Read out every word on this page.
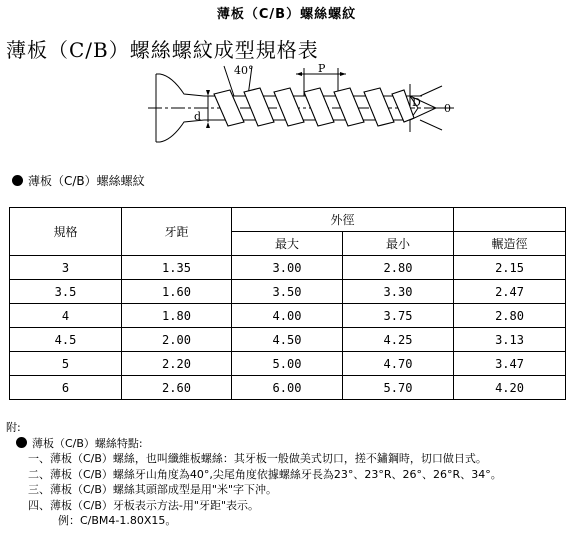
薄板（C/B）螺絲螺紋
薄板（C/B）螺絲螺紋成型規格表
40°	P
d
D 0
薄板（C/B）螺絲螺紋
規格	牙距	外徑		
		最大	最小	輾造徑
3	1.35	3.00	2.80	2.15
3.5	1.60	3.50	3.30	2.47
4	1.80	4.00	3.75	2.80
4.5	2.00	4.50	4.25	3.13
5	2.20	5.00	4.70	3.47
6	2.60	6.00	5.70	4.20
附:
薄板（C/B）螺絲特點:
一、薄板（C/B）螺絲，也叫纖維板螺絲：其牙板一般做美式切口，搓不鏽鋼時，切口做日式。
二、薄板（C/B）螺絲牙山角度為40°,尖尾角度依據螺絲牙長為23°、23°R、26°、26°R、34°。
三、薄板（C/B）螺絲其頭部成型是用"米"字下沖。
四、薄板（C/B）牙板表示方法-用"牙距"表示。
例：C/BM4-1.80X15。
